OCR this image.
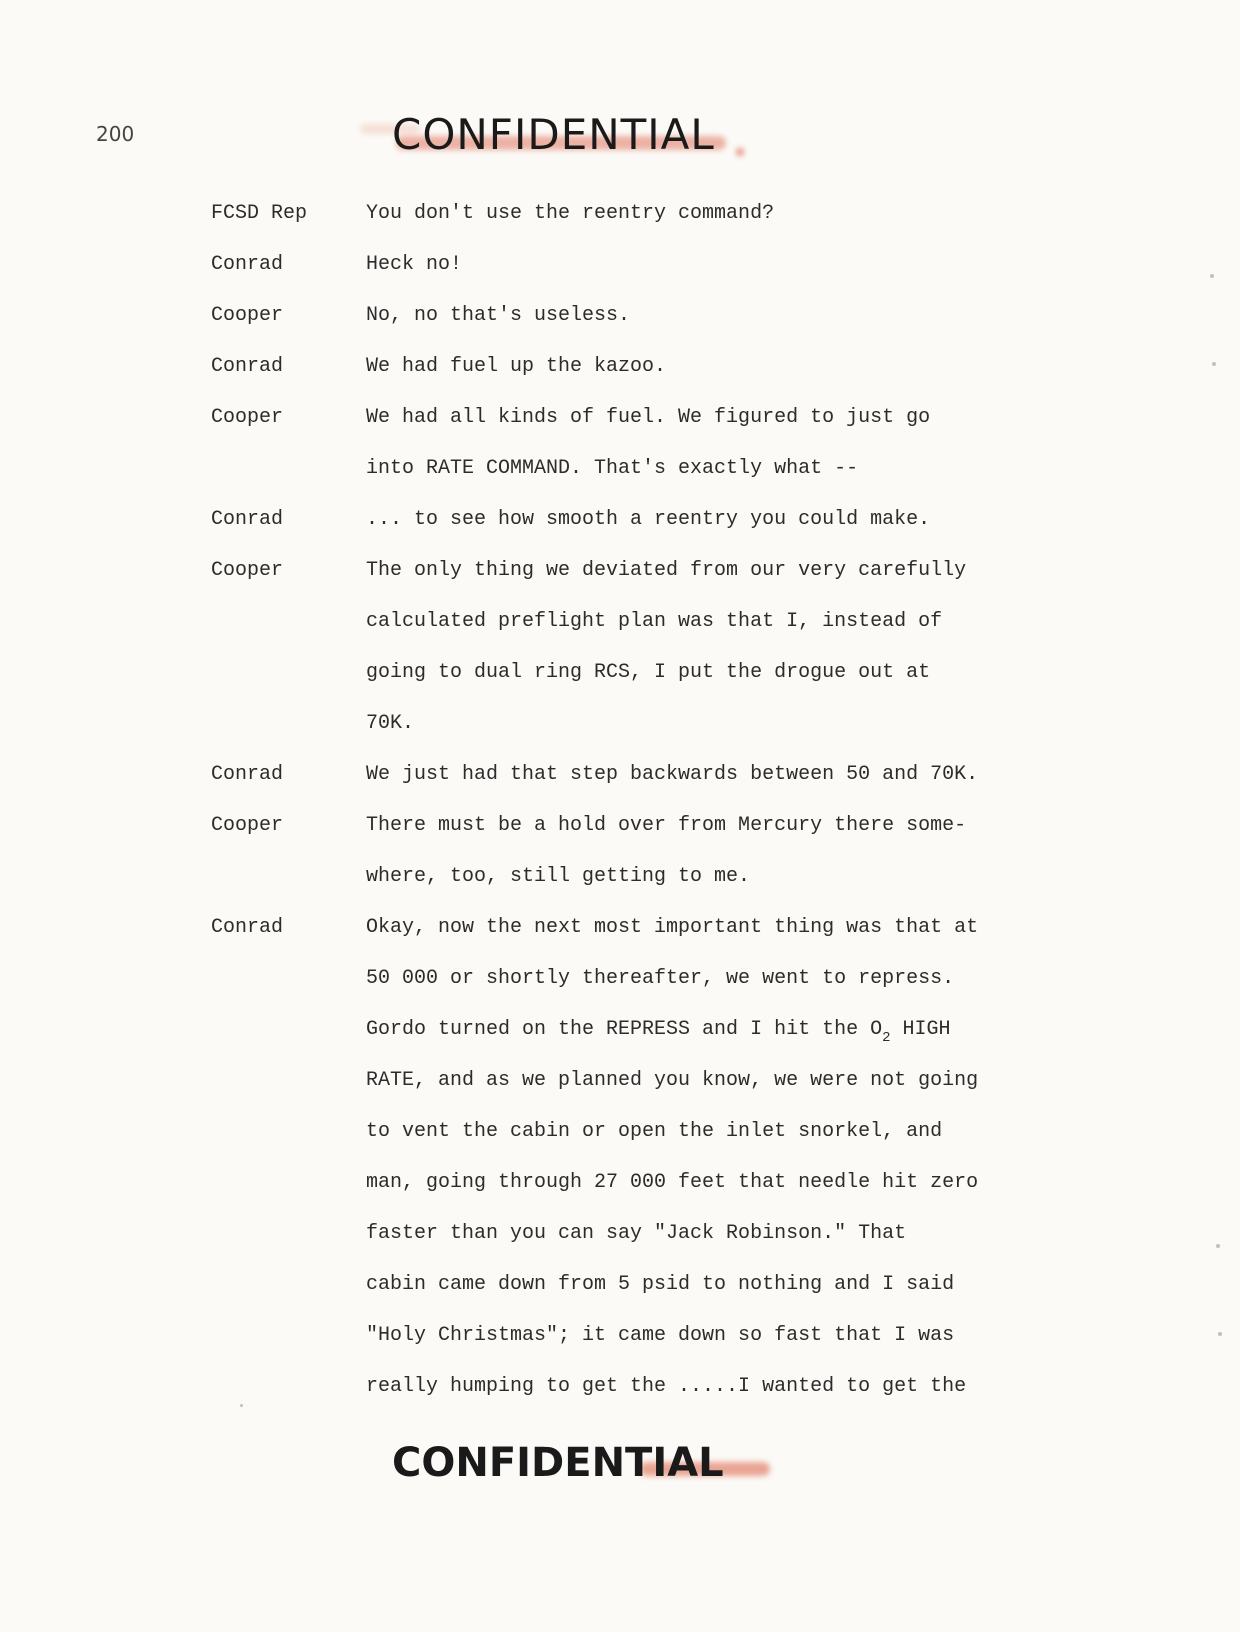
200	CONFIDENTIAL
FCSD Rep	You don't use the reentry command?
Conrad	Heck no!
Cooper	No, no that's useless.
Conrad	We had fuel up the kazoo.
Cooper	We had all kinds of fuel. We figured to just go
into RATE COMMAND. That's exactly what --
Conrad	... to see how smooth a reentry you could make.
Cooper	The only thing we deviated from our very carefully
calculated preflight plan was that I, instead of
going to dual ring RCS, I put the drogue out at
70K.
Conrad	We just had that step backwards between 50 and 70K.
Cooper	There must be a hold over from Mercury there some-
where, too, still getting to me.
Conrad	Okay, now the next most important thing was that at
50 000 or shortly thereafter, we went to repress.
Gordo turned on the REPRESS and I hit the $O_2$ HIGH
RATE, and as we planned you know, we were not going
to vent the cabin or open the inlet snorkel, and
man, going through 27 000 feet that needle hit zero
faster than you can say "Jack Robinson." That
cabin came down from 5 psid to nothing and I said
"Holy Christmas"; it came down so fast that I was
really humping to get the .....I wanted to get the
CONFIDENTIAL
